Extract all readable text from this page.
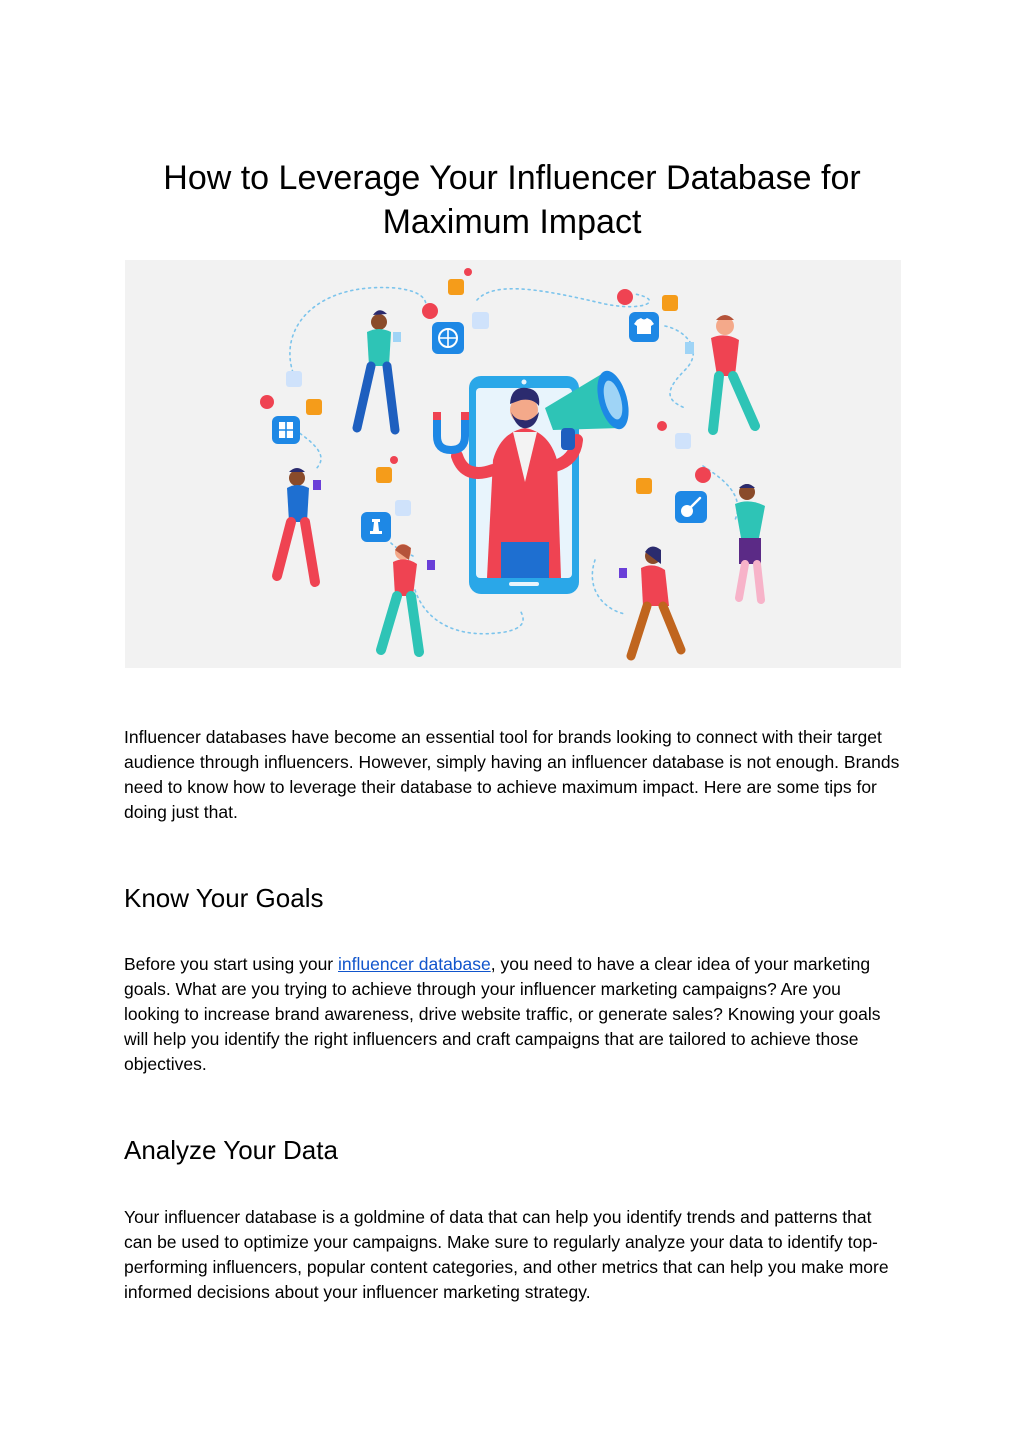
How to Leverage Your Influencer Database for Maximum Impact

Influencer databases have become an essential tool for brands looking to connect with their target audience through influencers. However, simply having an influencer database is not enough. Brands need to know how to leverage their database to achieve maximum impact. Here are some tips for doing just that.

Know Your Goals

Before you start using your influencer database, you need to have a clear idea of your marketing goals. What are you trying to achieve through your influencer marketing campaigns? Are you looking to increase brand awareness, drive website traffic, or generate sales? Knowing your goals will help you identify the right influencers and craft campaigns that are tailored to achieve those objectives.

Analyze Your Data

Your influencer database is a goldmine of data that can help you identify trends and patterns that can be used to optimize your campaigns. Make sure to regularly analyze your data to identify top-performing influencers, popular content categories, and other metrics that can help you make more informed decisions about your influencer marketing strategy.
